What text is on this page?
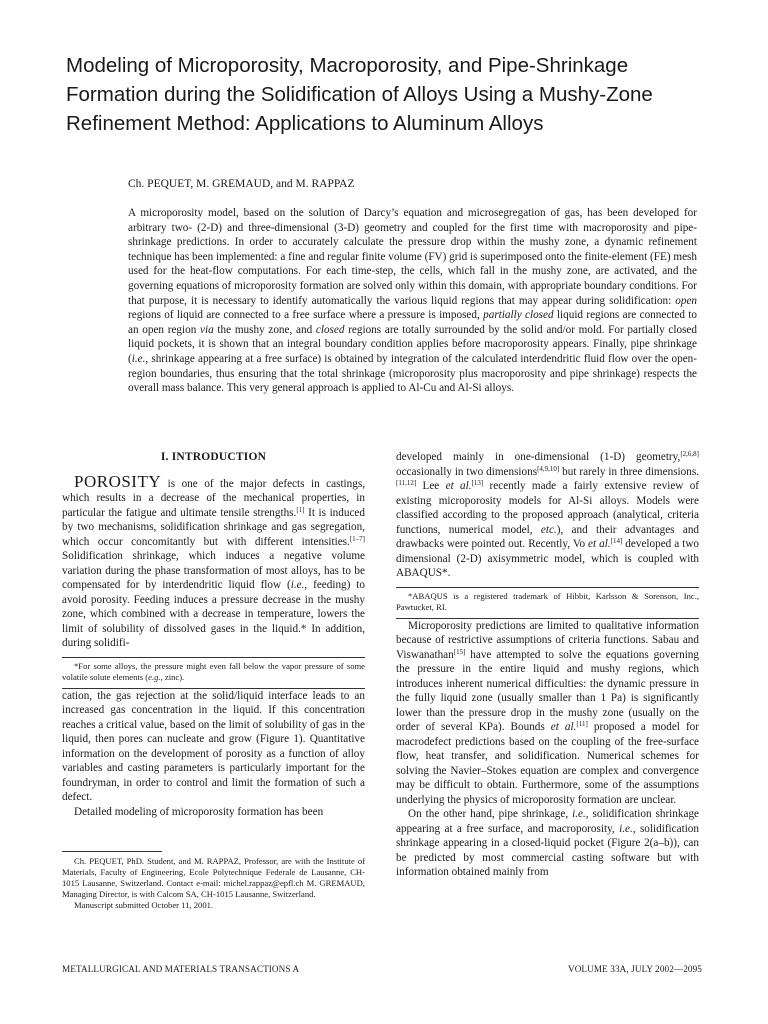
Modeling of Microporosity, Macroporosity, and Pipe-Shrinkage Formation during the Solidification of Alloys Using a Mushy-Zone Refinement Method: Applications to Aluminum Alloys

Ch. PEQUET, M. GREMAUD, and M. RAPPAZ

A microporosity model, based on the solution of Darcy’s equation and microsegregation of gas, has been developed for arbitrary two- (2-D) and three-dimensional (3-D) geometry and coupled for the first time with macroporosity and pipe-shrinkage predictions. In order to accurately calculate the pressure drop within the mushy zone, a dynamic refinement technique has been implemented: a fine and regular finite volume (FV) grid is superimposed onto the finite-element (FE) mesh used for the heat-flow computations. For each time-step, the cells, which fall in the mushy zone, are activated, and the governing equations of microporosity formation are solved only within this domain, with appropriate boundary conditions. For that purpose, it is necessary to identify automatically the various liquid regions that may appear during solidification: open regions of liquid are connected to a free surface where a pressure is imposed, partially closed liquid regions are connected to an open region via the mushy zone, and closed regions are totally surrounded by the solid and/or mold. For partially closed liquid pockets, it is shown that an integral boundary condition applies before macroporosity appears. Finally, pipe shrinkage (i.e., shrinkage appearing at a free surface) is obtained by integration of the calculated interdendritic fluid flow over the open-region boundaries, thus ensuring that the total shrinkage (microporosity plus macroporosity and pipe shrinkage) respects the overall mass balance. This very general approach is applied to Al-Cu and Al-Si alloys.

I. INTRODUCTION

POROSITY is one of the major defects in castings, which results in a decrease of the mechanical properties, in particular the fatigue and ultimate tensile strengths.[1] It is induced by two mechanisms, solidification shrinkage and gas segregation, which occur concomitantly but with different intensities.[1–7] Solidification shrinkage, which induces a negative volume variation during the phase transformation of most alloys, has to be compensated for by interdendritic liquid flow (i.e., feeding) to avoid porosity. Feeding induces a pressure decrease in the mushy zone, which combined with a decrease in temperature, lowers the limit of solubility of dissolved gases in the liquid.* In addition, during solidifi-

*For some alloys, the pressure might even fall below the vapor pressure of some volatile solute elements (e.g., zinc).

cation, the gas rejection at the solid/liquid interface leads to an increased gas concentration in the liquid. If this concentration reaches a critical value, based on the limit of solubility of gas in the liquid, then pores can nucleate and grow (Figure 1). Quantitative information on the development of porosity as a function of alloy variables and casting parameters is particularly important for the foundryman, in order to control and limit the formation of such a defect.

Detailed modeling of microporosity formation has been

Ch. PEQUET, PhD. Student, and M. RAPPAZ, Professor, are with the Institute of Materials, Faculty of Engineering, Ecole Polytechnique Federale de Lausanne, CH-1015 Lausanne, Switzerland. Contact e-mail: michel.rappaz@epfl.ch M. GREMAUD, Managing Director, is with Calcom SA, CH-1015 Lausanne, Switzerland.

Manuscript submitted October 11, 2001.

developed mainly in one-dimensional (1-D) geometry,[2,6,8] occasionally in two dimensions[4,9,10] but rarely in three dimensions.[11,12] Lee et al.[13] recently made a fairly extensive review of existing microporosity models for Al-Si alloys. Models were classified according to the proposed approach (analytical, criteria functions, numerical model, etc.), and their advantages and drawbacks were pointed out. Recently, Vo et al.[14] developed a two dimensional (2-D) axisymmetric model, which is coupled with ABAQUS*.

*ABAQUS is a registered trademark of Hibbit, Karlsson & Sorenson, Inc., Pawtucket, RI.

Microporosity predictions are limited to qualitative information because of restrictive assumptions of criteria functions. Sabau and Viswanathan[15] have attempted to solve the equations governing the pressure in the entire liquid and mushy regions, which introduces inherent numerical difficulties: the dynamic pressure in the fully liquid zone (usually smaller than 1 Pa) is significantly lower than the pressure drop in the mushy zone (usually on the order of several KPa). Bounds et al.[11] proposed a model for macrodefect predictions based on the coupling of the free-surface flow, heat transfer, and solidification. Numerical schemes for solving the Navier–Stokes equation are complex and convergence may be difficult to obtain. Furthermore, some of the assumptions underlying the physics of microporosity formation are unclear.

On the other hand, pipe shrinkage, i.e., solidification shrinkage appearing at a free surface, and macroporosity, i.e., solidification shrinkage appearing in a closed-liquid pocket (Figure 2(a–b)), can be predicted by most commercial casting software but with information obtained mainly from

METALLURGICAL AND MATERIALS TRANSACTIONS A	VOLUME 33A, JULY 2002—2095
